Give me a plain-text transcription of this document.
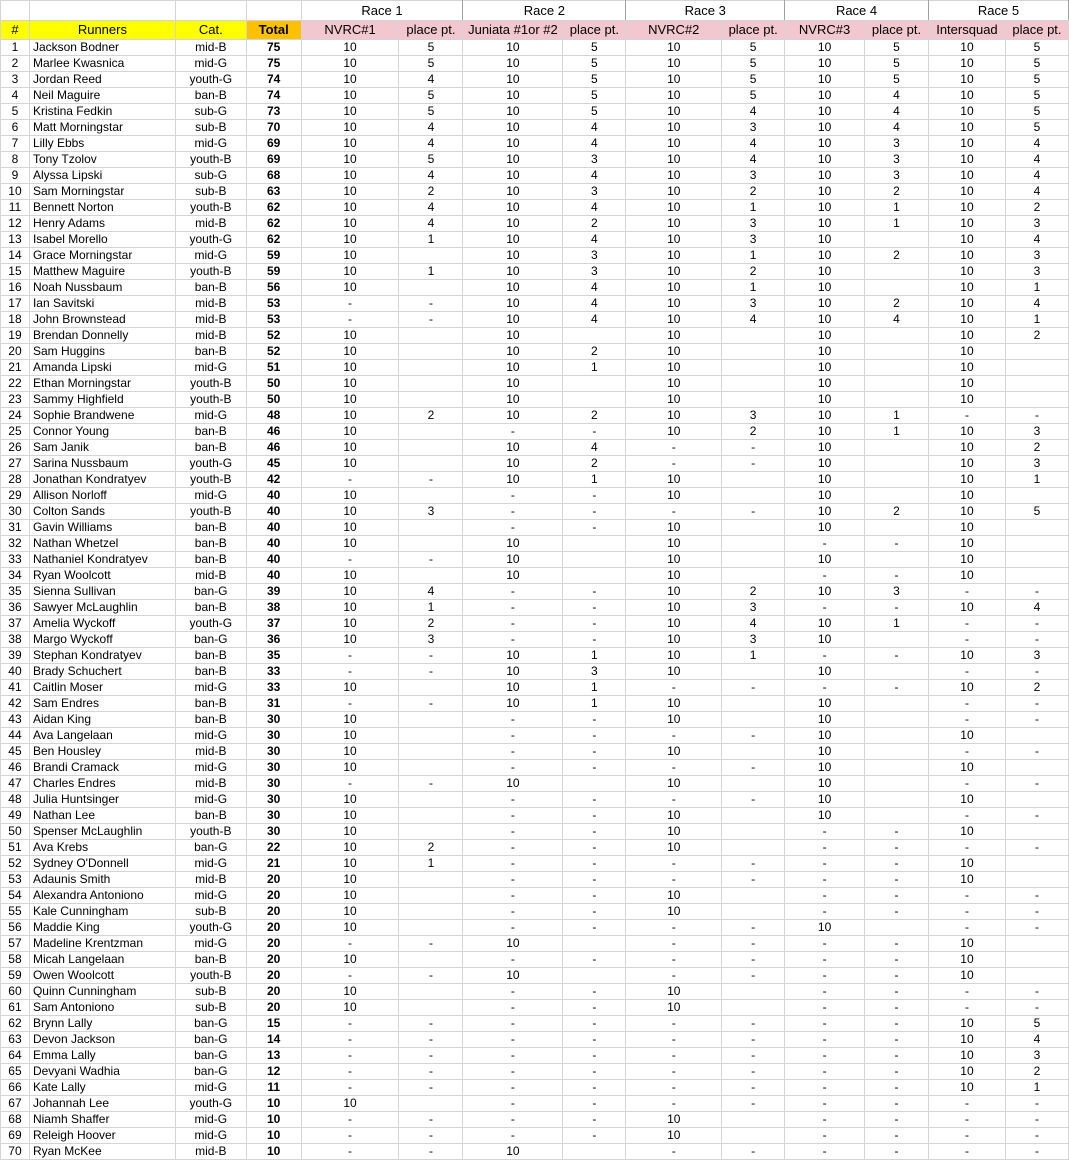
				Race 1		Race 2		Race 3		Race 4		Race 5	
#	Runners	Cat.	Total	NVRC#1	place pt.	Juniata #1or #2	place pt.	NVRC#2	place pt.	NVRC#3	place pt.	Intersquad	place pt.
1	Jackson Bodner	mid-B	75	10	5	10	5	10	5	10	5	10	5
2	Marlee Kwasnica	mid-G	75	10	5	10	5	10	5	10	5	10	5
3	Jordan Reed	youth-G	74	10	4	10	5	10	5	10	5	10	5
4	Neil Maguire	ban-B	74	10	5	10	5	10	5	10	4	10	5
5	Kristina Fedkin	sub-G	73	10	5	10	5	10	4	10	4	10	5
6	Matt Morningstar	sub-B	70	10	4	10	4	10	3	10	4	10	5
7	Lilly Ebbs	mid-G	69	10	4	10	4	10	4	10	3	10	4
8	Tony Tzolov	youth-B	69	10	5	10	3	10	4	10	3	10	4
9	Alyssa Lipski	sub-G	68	10	4	10	4	10	3	10	3	10	4
10	Sam Morningstar	sub-B	63	10	2	10	3	10	2	10	2	10	4
11	Bennett Norton	youth-B	62	10	4	10	4	10	1	10	1	10	2
12	Henry Adams	mid-B	62	10	4	10	2	10	3	10	1	10	3
13	Isabel Morello	youth-G	62	10	1	10	4	10	3	10		10	4
14	Grace Morningstar	mid-G	59	10		10	3	10	1	10	2	10	3
15	Matthew Maguire	youth-B	59	10	1	10	3	10	2	10		10	3
16	Noah Nussbaum	ban-B	56	10		10	4	10	1	10		10	1
17	Ian Savitski	mid-B	53	-	-	10	4	10	3	10	2	10	4
18	John Brownstead	mid-B	53	-	-	10	4	10	4	10	4	10	1
19	Brendan Donnelly	mid-B	52	10		10		10		10		10	2
20	Sam Huggins	ban-B	52	10		10	2	10		10		10	
21	Amanda Lipski	mid-G	51	10		10	1	10		10		10	
22	Ethan Morningstar	youth-B	50	10		10		10		10		10	
23	Sammy Highfield	youth-B	50	10		10		10		10		10	
24	Sophie Brandwene	mid-G	48	10	2	10	2	10	3	10	1	-	-
25	Connor Young	ban-B	46	10		-	-	10	2	10	1	10	3
26	Sam Janik	ban-B	46	10		10	4	-	-	10		10	2
27	Sarina Nussbaum	youth-G	45	10		10	2	-	-	10		10	3
28	Jonathan Kondratyev	youth-B	42	-	-	10	1	10		10		10	1
29	Allison Norloff	mid-G	40	10		-	-	10		10		10	
30	Colton Sands	youth-B	40	10	3	-	-	-	-	10	2	10	5
31	Gavin Williams	ban-B	40	10		-	-	10		10		10	
32	Nathan Whetzel	ban-B	40	10		10		10		-	-	10	
33	Nathaniel Kondratyev	ban-B	40	-	-	10		10		10		10	
34	Ryan Woolcott	mid-B	40	10		10		10		-	-	10	
35	Sienna Sullivan	ban-G	39	10	4	-	-	10	2	10	3	-	-
36	Sawyer McLaughlin	ban-B	38	10	1	-	-	10	3	-	-	10	4
37	Amelia Wyckoff	youth-G	37	10	2	-	-	10	4	10	1	-	-
38	Margo Wyckoff	ban-G	36	10	3	-	-	10	3	10		-	-
39	Stephan Kondratyev	ban-B	35	-	-	10	1	10	1	-	-	10	3
40	Brady Schuchert	ban-B	33	-	-	10	3	10		10		-	-
41	Caitlin Moser	mid-G	33	10		10	1	-	-	-	-	10	2
42	Sam Endres	ban-B	31	-	-	10	1	10		10		-	-
43	Aidan King	ban-B	30	10		-	-	10		10		-	-
44	Ava Langelaan	mid-G	30	10		-	-	-	-	10		10	
45	Ben Housley	mid-B	30	10		-	-	10		10		-	-
46	Brandi Cramack	mid-G	30	10		-	-	-	-	10		10	
47	Charles Endres	mid-B	30	-	-	10		10		10		-	-
48	Julia Huntsinger	mid-G	30	10		-	-	-	-	10		10	
49	Nathan Lee	ban-B	30	10		-	-	10		10		-	-
50	Spenser McLaughlin	youth-B	30	10		-	-	10		-	-	10	
51	Ava Krebs	ban-G	22	10	2	-	-	10		-	-	-	-
52	Sydney O'Donnell	mid-G	21	10	1	-	-	-	-	-	-	10	
53	Adaunis Smith	mid-B	20	10		-	-	-	-	-	-	10	
54	Alexandra Antoniono	mid-G	20	10		-	-	10		-	-	-	-
55	Kale Cunningham	sub-B	20	10		-	-	10		-	-	-	-
56	Maddie King	youth-G	20	10		-	-	-	-	10		-	-
57	Madeline Krentzman	mid-G	20	-	-	10		-	-	-	-	10	
58	Micah Langelaan	ban-B	20	10		-	-	-	-	-	-	10	
59	Owen Woolcott	youth-B	20	-	-	10		-	-	-	-	10	
60	Quinn Cunningham	sub-B	20	10		-	-	10		-	-	-	-
61	Sam Antoniono	sub-B	20	10		-	-	10		-	-	-	-
62	Brynn Lally	ban-G	15	-	-	-	-	-	-	-	-	10	5
63	Devon Jackson	ban-G	14	-	-	-	-	-	-	-	-	10	4
64	Emma Lally	ban-G	13	-	-	-	-	-	-	-	-	10	3
65	Devyani Wadhia	ban-G	12	-	-	-	-	-	-	-	-	10	2
66	Kate Lally	mid-G	11	-	-	-	-	-	-	-	-	10	1
67	Johannah Lee	youth-G	10	10		-	-	-	-	-	-	-	-
68	Niamh Shaffer	mid-G	10	-	-	-	-	10		-	-	-	-
69	Releigh Hoover	mid-G	10	-	-	-	-	10		-	-	-	-
70	Ryan McKee	mid-B	10	-	-	10		-	-	-	-	-	-
